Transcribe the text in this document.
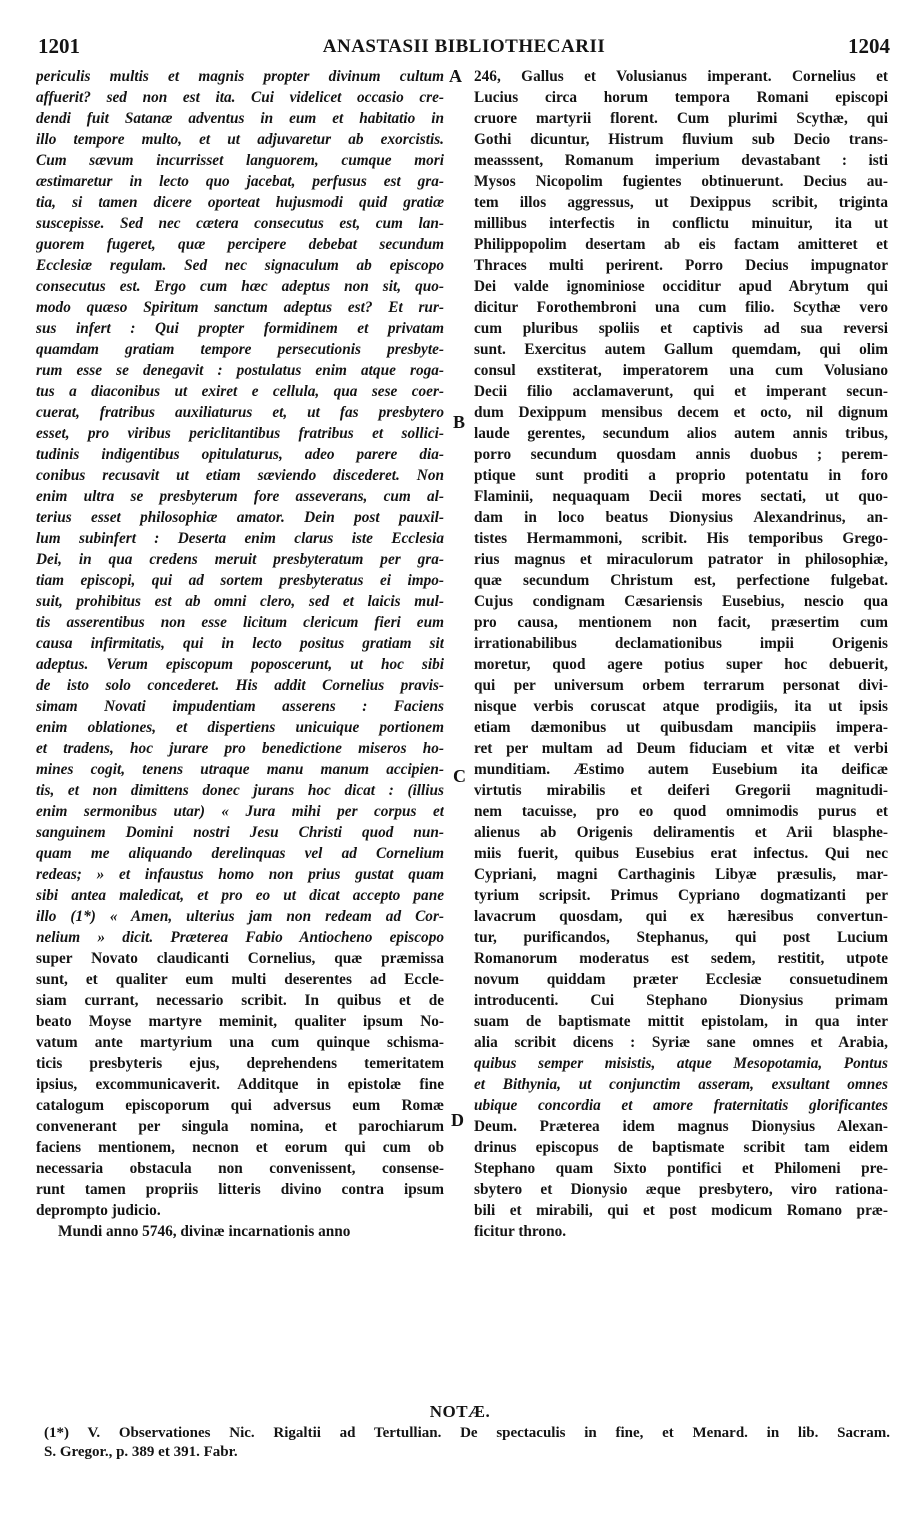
1201	ANASTASII BIBLIOTHECARII	1204
periculis multis et magnis propter divinum cultum
affuerit? sed non est ita. Cui videlicet occasio cre-
dendi fuit Satanæ adventus in eum et habitatio in
illo tempore multo, et ut adjuvaretur ab exorcistis.
Cum sævum incurrisset languorem, cumque mori
æstimaretur in lecto quo jacebat, perfusus est gra-
tia, si tamen dicere oporteat hujusmodi quid gratiæ
suscepisse. Sed nec cætera consecutus est, cum lan-
guorem fugeret, quæ percipere debebat secundum
Ecclesiæ regulam. Sed nec signaculum ab episcopo
consecutus est. Ergo cum hæc adeptus non sit, quo-
modo quæso Spiritum sanctum adeptus est? Et rur-
sus infert : Qui propter formidinem et privatam
quamdam gratiam tempore persecutionis presbyte-
rum esse se denegavit : postulatus enim atque roga-
tus a diaconibus ut exiret e cellula, qua sese coer-
cuerat, fratribus auxiliaturus et, ut fas presbytero
esset, pro viribus periclitantibus fratribus et sollici-
tudinis indigentibus opitulaturus, adeo parere dia-
conibus recusavit ut etiam sæviendo discederet. Non
enim ultra se presbyterum fore asseverans, cum al-
terius esset philosophiæ amator. Dein post pauxil-
lum subinfert : Deserta enim clarus iste Ecclesia
Dei, in qua credens meruit presbyteratum per gra-
tiam episcopi, qui ad sortem presbyteratus ei impo-
suit, prohibitus est ab omni clero, sed et laicis mul-
tis asserentibus non esse licitum clericum fieri eum
causa infirmitatis, qui in lecto positus gratiam sit
adeptus. Verum episcopum poposcerunt, ut hoc sibi
de isto solo concederet. His addit Cornelius pravis-
simam Novati impudentiam asserens : Faciens
enim oblationes, et dispertiens unicuique portionem
et tradens, hoc jurare pro benedictione miseros ho-
mines cogit, tenens utraque manu manum accipien-
tis, et non dimittens donec jurans hoc dicat : (illius
enim sermonibus utar) « Jura mihi per corpus et
sanguinem Domini nostri Jesu Christi quod nun-
quam me aliquando derelinquas vel ad Cornelium
redeas; » et infaustus homo non prius gustat quam
sibi antea maledicat, et pro eo ut dicat accepto pane
illo (1*) « Amen, ulterius jam non redeam ad Cor-
nelium » dicit. Præterea Fabio Antiocheno episcopo
super Novato claudicanti Cornelius, quæ præmissa
sunt, et qualiter eum multi deserentes ad Eccle-
siam currant, necessario scribit. In quibus et de
beato Moyse martyre meminit, qualiter ipsum No-
vatum ante martyrium una cum quinque schisma-
ticis presbyteris ejus, deprehendens temeritatem
ipsius, excommunicaverit. Additque in epistolæ fine
catalogum episcoporum qui adversus eum Romæ
convenerant per singula nomina, et parochiarum
faciens mentionem, necnon et eorum qui cum ob
necessaria obstacula non convenissent, consense-
runt tamen propriis litteris divino contra ipsum
deprompto judicio.
Mundi anno 5746, divinæ incarnationis anno
246, Gallus et Volusianus imperant. Cornelius et
Lucius circa horum tempora Romani episcopi
cruore martyrii florent. Cum plurimi Scythæ, qui
Gothi dicuntur, Histrum fluvium sub Decio trans-
measssent, Romanum imperium devastabant : isti
Mysos Nicopolim fugientes obtinuerunt. Decius au-
tem illos aggressus, ut Dexippus scribit, triginta
millibus interfectis in conflictu minuitur, ita ut
Philippopolim desertam ab eis factam amitteret et
Thraces multi perirent. Porro Decius impugnator
Dei valde ignominiose occiditur apud Abrytum qui
dicitur Forothembroni una cum filio. Scythæ vero
cum pluribus spoliis et captivis ad sua reversi
sunt. Exercitus autem Gallum quemdam, qui olim
consul exstiterat, imperatorem una cum Volusiano
Decii filio acclamaverunt, qui et imperant secun-
dum Dexippum mensibus decem et octo, nil dignum
laude gerentes, secundum alios autem annis tribus,
porro secundum quosdam annis duobus ; perem-
ptique sunt proditi a proprio potentatu in foro
Flaminii, nequaquam Decii mores sectati, ut quo-
dam in loco beatus Dionysius Alexandrinus, an-
tistes Hermammoni, scribit. His temporibus Grego-
rius magnus et miraculorum patrator in philosophiæ,
quæ secundum Christum est, perfectione fulgebat.
Cujus condignam Cæsariensis Eusebius, nescio qua
pro causa, mentionem non facit, præsertim cum
irrationabilibus declamationibus impii Origenis
moretur, quod agere potius super hoc debuerit,
qui per universum orbem terrarum personat divi-
nisque verbis coruscat atque prodigiis, ita ut ipsis
etiam dæmonibus ut quibusdam mancipiis impera-
ret per multam ad Deum fiduciam et vitæ et verbi
munditiam. Æstimo autem Eusebium ita deificæ
virtutis mirabilis et deiferi Gregorii magnitudi-
nem tacuisse, pro eo quod omnimodis purus et
alienus ab Origenis deliramentis et Arii blasphe-
miis fuerit, quibus Eusebius erat infectus. Qui nec
Cypriani, magni Carthaginis Libyæ præsulis, mar-
tyrium scripsit. Primus Cypriano dogmatizanti per
lavacrum quosdam, qui ex hæresibus convertun-
tur, purificandos, Stephanus, qui post Lucium
Romanorum moderatus est sedem, restitit, utpote
novum quiddam præter Ecclesiæ consuetudinem
introducenti. Cui Stephano Dionysius primam
suam de baptismate mittit epistolam, in qua inter
alia scribit dicens : Syriæ sane omnes et Arabia,
quibus semper misistis, atque Mesopotamia, Pontus
et Bithynia, ut conjunctim asseram, exsultant omnes
ubique concordia et amore fraternitatis glorificantes
Deum. Præterea idem magnus Dionysius Alexan-
drinus episcopus de baptismate scribit tam eidem
Stephano quam Sixto pontifici et Philomeni pre-
sbytero et Dionysio æque presbytero, viro rationa-
bili et mirabili, qui et post modicum Romano præ-
ficitur throno.
A
B
C
D
NOTÆ.
(1*) V. Observationes Nic. Rigaltii ad Tertullian. De spectaculis in fine, et Menard. in lib. Sacram.
S. Gregor., p. 389 et 391. Fabr.
